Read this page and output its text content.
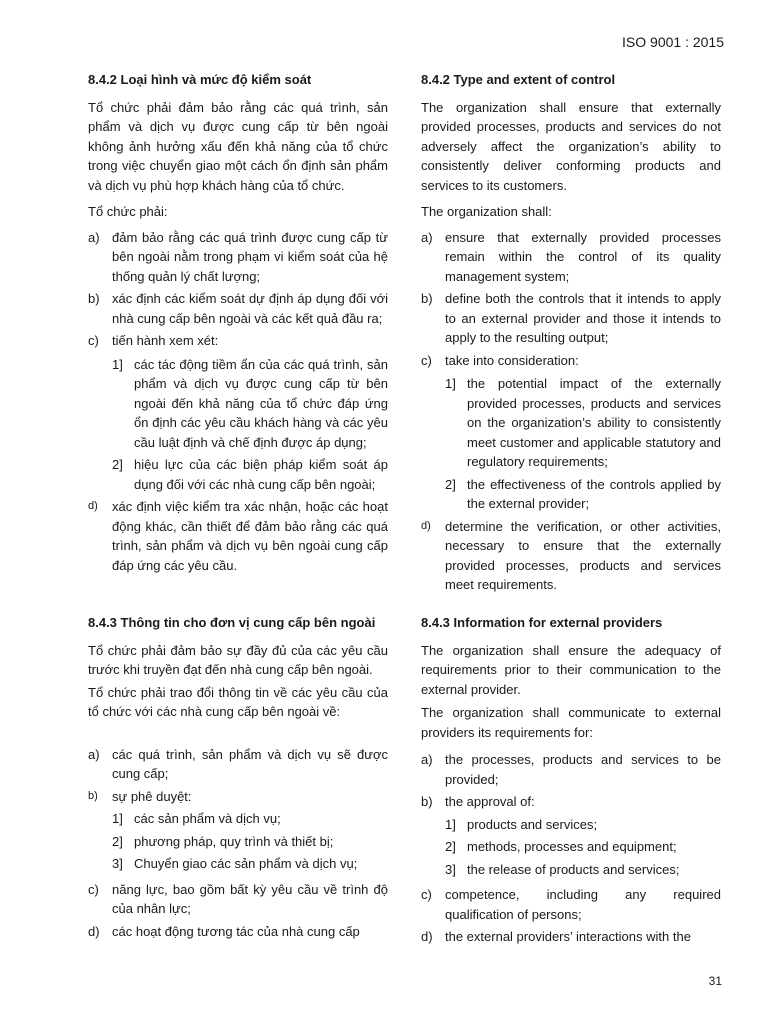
ISO 9001 : 2015

8.4.2 Loại hình và mức độ kiểm soát

Tổ chức phải đảm bảo rằng các quá trình, sản phẩm và dịch vụ được cung cấp từ bên ngoài không ảnh hưởng xấu đến khả năng của tổ chức trong việc chuyển giao một cách ổn định sản phẩm và dịch vụ phù hợp khách hàng của tổ chức.

Tổ chức phải:

a) đảm bảo rằng các quá trình được cung cấp từ bên ngoài nằm trong phạm vi kiểm soát của hệ thống quản lý chất lượng;
b) xác định các kiểm soát dự định áp dụng đối với nhà cung cấp bên ngoài và các kết quả đầu ra;
c)	tiến hành xem xét:
1] các tác động tiềm ẩn của các quá trình, sản phẩm và dịch vụ được cung cấp từ bên ngoài đến khả năng của tổ chức đáp ứng ổn định các yêu cầu khách hàng và các yêu cầu luật định và chế định được áp dụng;
2] hiệu lực của các biện pháp kiểm soát áp dụng đối với các nhà cung cấp bên ngoài;
d)	xác định việc kiểm tra xác nhận, hoặc các hoạt động khác, cần thiết để đảm bảo rằng các quá trình, sản phẩm và dịch vụ bên ngoài cung cấp đáp ứng các yêu cầu.

8.4.2 Type and extent of control

The organization shall ensure that externally provided processes, products and services do not adversely affect the organization’s ability to consistently deliver conforming products and services to its customers.

The organization shall:

a) ensure that externally provided processes remain within the control of its quality management system;
b) define both the controls that it intends to apply to an external provider and those it intends to apply to the resulting output;
c)	take into consideration:
1] the potential impact of the externally provided processes, products and services on the organization’s ability to consistently meet customer and applicable statutory and regulatory requirements;
2] the effectiveness of the controls applied by the external provider;
d)	determine the verification, or other activities, necessary to ensure that the externally provided processes, products and services meet requirements.

8.4.3 Thông tin cho đơn vị cung cấp bên ngoài

Tổ chức phải đảm bảo sự đầy đủ của các yêu cầu trước khi truyền đạt đến nhà cung cấp bên ngoài.

Tổ chức phải trao đổi thông tin về các yêu cầu của tổ chức với các nhà cung cấp bên ngoài về:

a) các quá trình, sản phẩm và dịch vụ sẽ được cung cấp;
b)	sự phê duyệt:
1] các sản phẩm và dịch vụ;
2] phương pháp, quy trình và thiết bị;
3] Chuyển giao các sản phẩm và dịch vụ;
c)	năng lực, bao gồm bất kỳ yêu cầu về trình độ của nhân lực;
d) các hoạt động tương tác của nhà cung cấp

8.4.3 Information for external providers

The organization shall ensure the adequacy of requirements prior to their communication to the external provider.

The organization shall communicate to external providers its requirements for:

a) the processes, products and services to be provided;
b) the approval of:
1] products and services;
2] methods, processes and equipment;
3] the release of products and services;
c)	competence, including any required qualification of persons;
d) the external providers’ interactions with the
31
